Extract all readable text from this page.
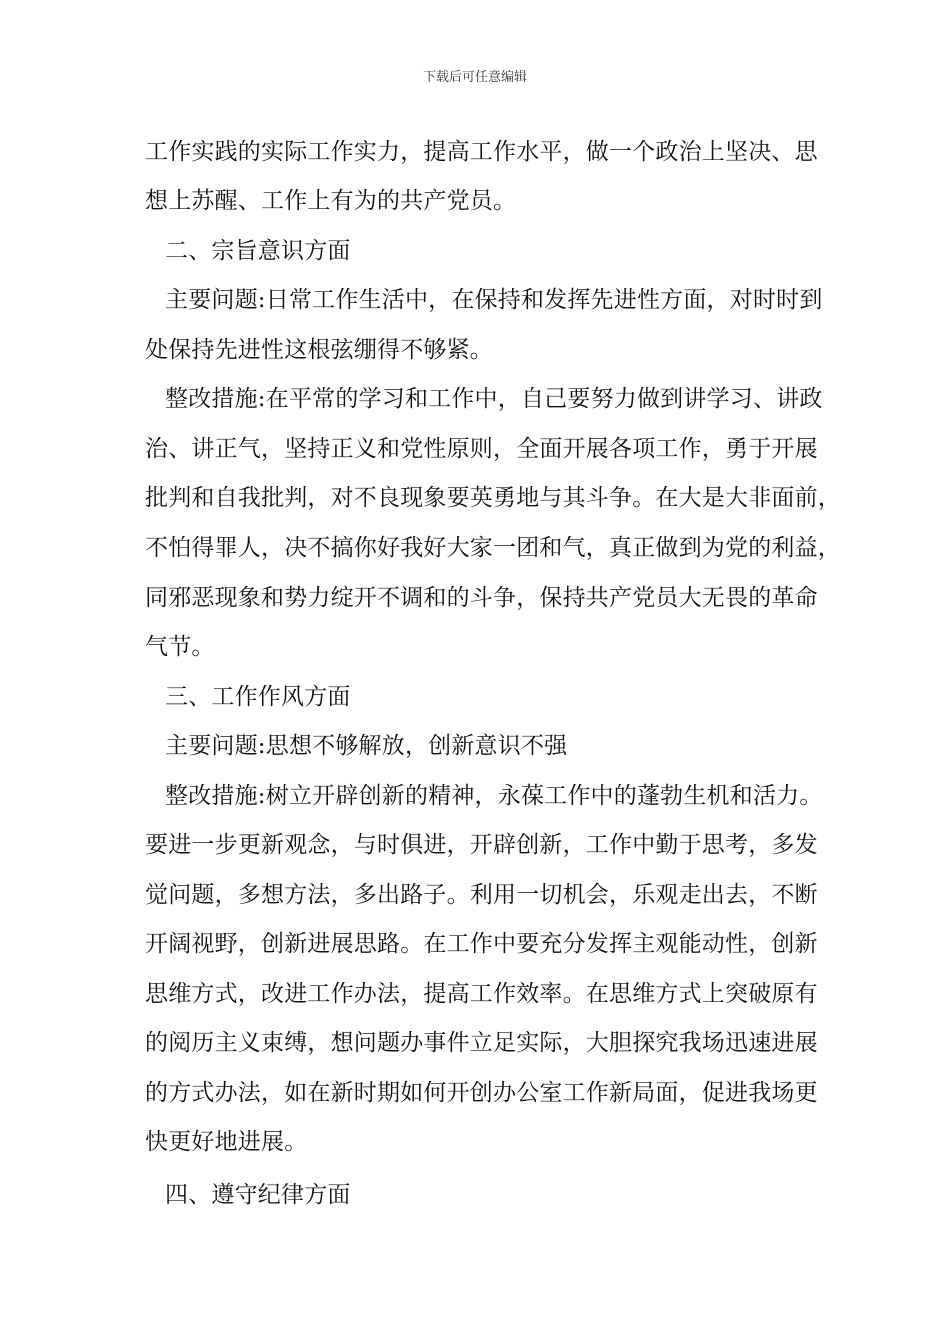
下载后可任意编辑
工作实践的实际工作实力，提高工作水平，做一个政治上坚决、思
想上苏醒、工作上有为的共产党员。
二、宗旨意识方面
主要问题:日常工作生活中，在保持和发挥先进性方面，对时时到
处保持先进性这根弦绷得不够紧。
整改措施:在平常的学习和工作中，自己要努力做到讲学习、讲政
治、讲正气，坚持正义和党性原则，全面开展各项工作，勇于开展
批判和自我批判，对不良现象要英勇地与其斗争。在大是大非面前，
不怕得罪人，决不搞你好我好大家一团和气，真正做到为党的利益，
同邪恶现象和势力绽开不调和的斗争，保持共产党员大无畏的革命
气节。
三、工作作风方面
主要问题:思想不够解放，创新意识不强
整改措施:树立开辟创新的精神，永葆工作中的蓬勃生机和活力。
要进一步更新观念，与时俱进，开辟创新，工作中勤于思考，多发
觉问题，多想方法，多出路子。利用一切机会，乐观走出去，不断
开阔视野，创新进展思路。在工作中要充分发挥主观能动性，创新
思维方式，改进工作办法，提高工作效率。在思维方式上突破原有
的阅历主义束缚，想问题办事件立足实际，大胆探究我场迅速进展
的方式办法，如在新时期如何开创办公室工作新局面，促进我场更
快更好地进展。
四、遵守纪律方面
